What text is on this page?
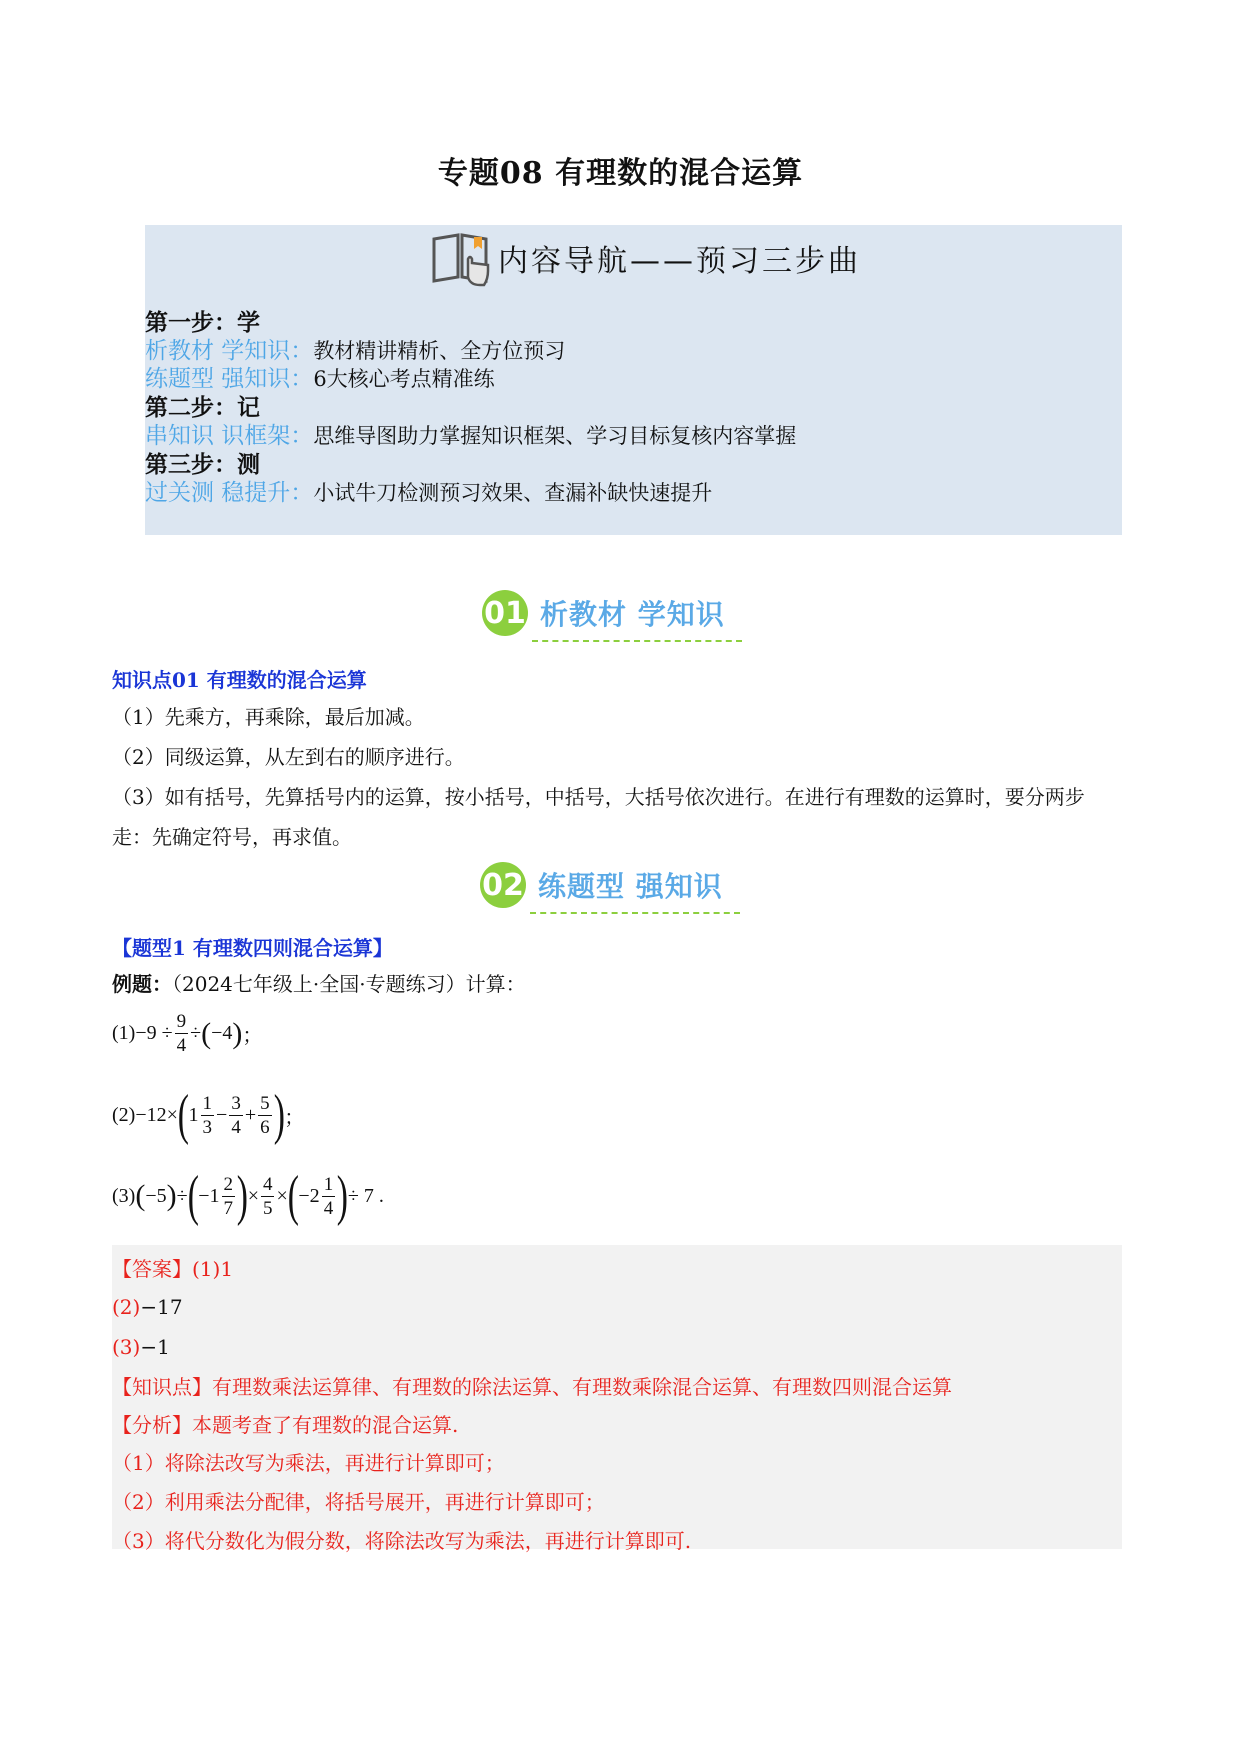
专题08 有理数的混合运算
内容导航——预习三步曲
第一步：学
析教材 学知识：教材精讲精析、全方位预习
练题型 强知识：6大核心考点精准练
第二步：记
串知识 识框架：思维导图助力掌握知识框架、学习目标复核内容掌握
第三步：测
过关测 稳提升：小试牛刀检测预习效果、查漏补缺快速提升
01 析教材 学知识
知识点01 有理数的混合运算
（1）先乘方，再乘除，最后加减。
（2）同级运算，从左到右的顺序进行。
（3）如有括号，先算括号内的运算，按小括号，中括号，大括号依次进行。在进行有理数的运算时，要分两步
走：先确定符号，再求值。
02 练题型 强知识
【题型1 有理数四则混合运算】
例题：（2024七年级上·全国·专题练习）计算：
$(1)-9 \div \frac{9}{4}$ ÷ ( −4 ) ；
(2)−12× ( $1 \frac{1}{3} - \frac{3}{4} + \frac{5}{6}$ ) ；
(3) ( −5 ) ÷ ( $-1 \frac{2}{7}$ ) × $\frac{4}{5}$ × ( $-2 \frac{1}{4}$ ) ÷ 7 .
【答案】(1)1
(2)−17
(3)−1
【知识点】有理数乘法运算律、有理数的除法运算、有理数乘除混合运算、有理数四则混合运算
【分析】本题考查了有理数的混合运算.
（1）将除法改写为乘法，再进行计算即可；
（2）利用乘法分配律，将括号展开，再进行计算即可；
（3）将代分数化为假分数，将除法改写为乘法，再进行计算即可.
